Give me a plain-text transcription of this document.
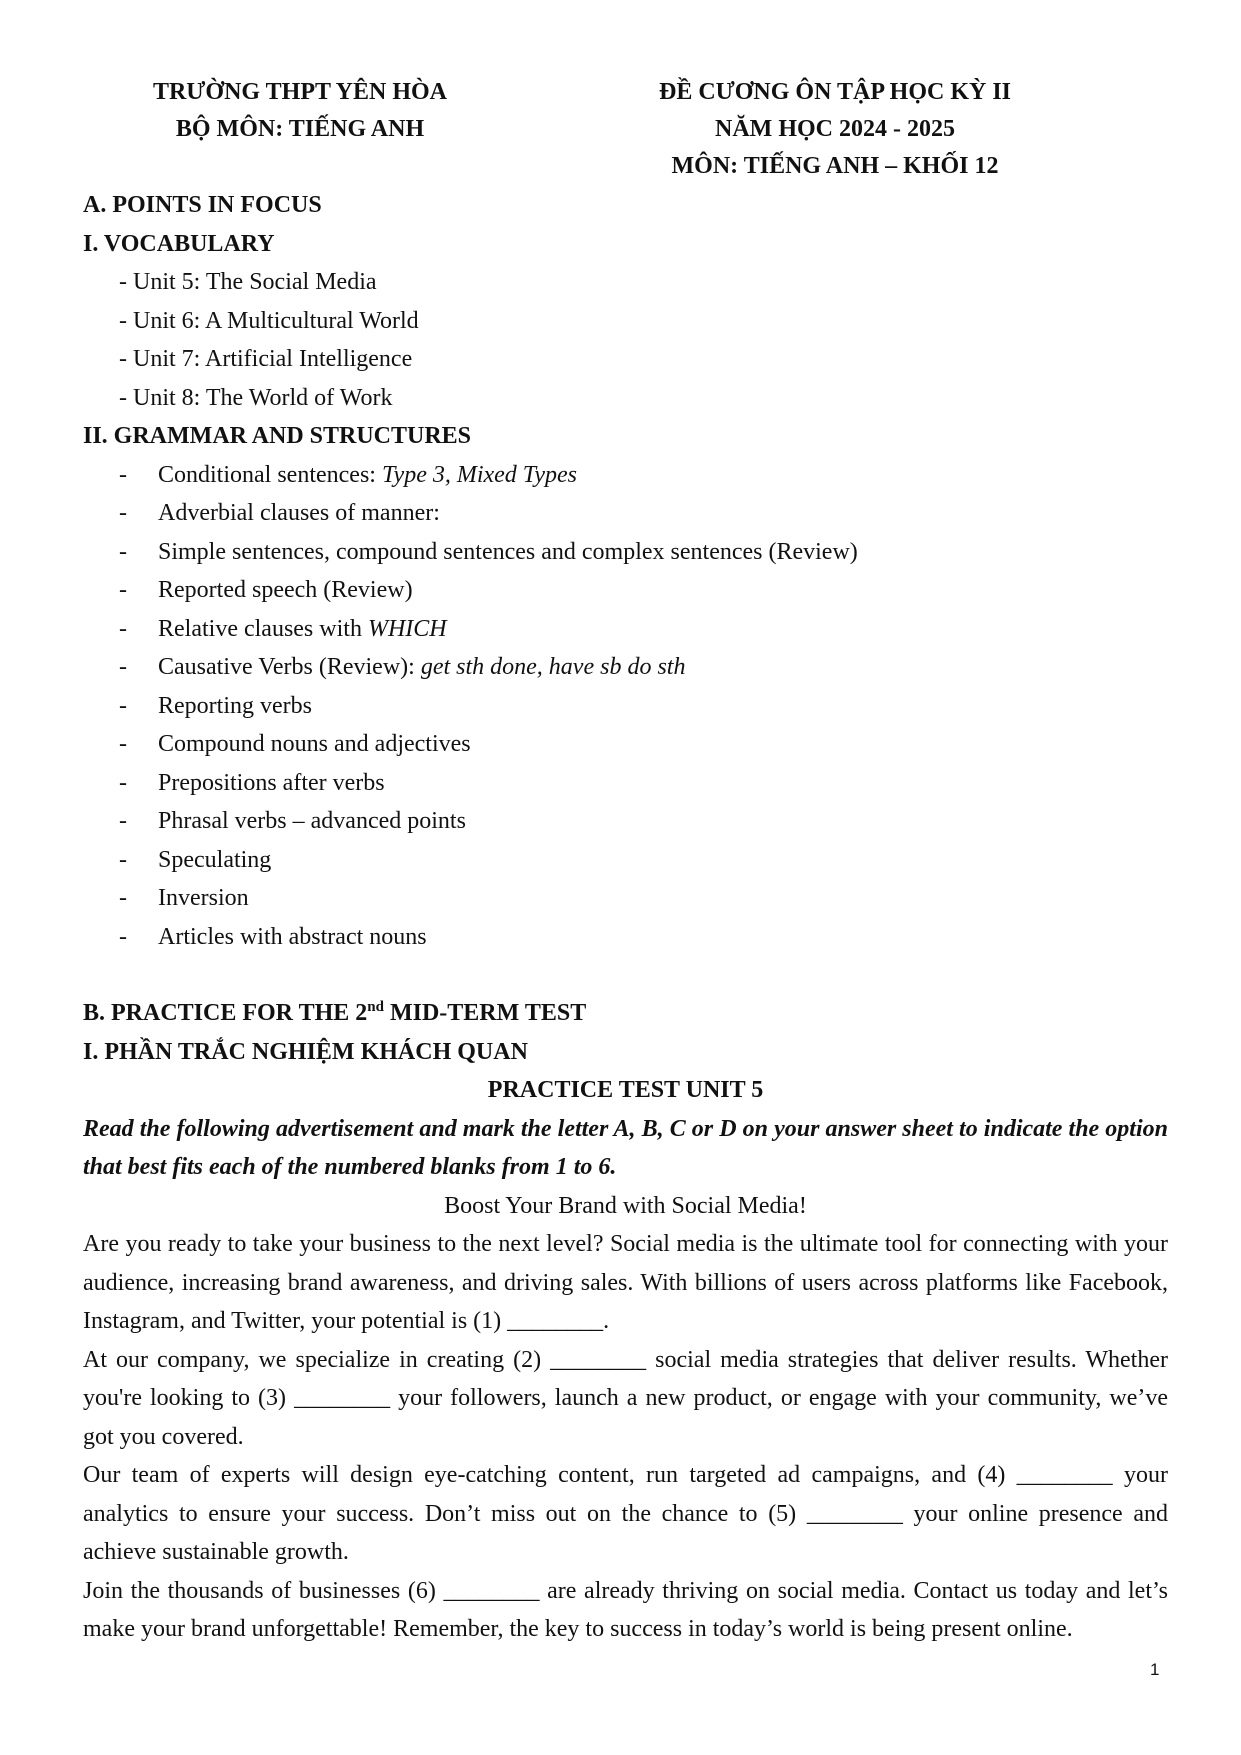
TRƯỜNG THPT YÊN HÒA
BỘ MÔN: TIẾNG ANH
ĐỀ CƯƠNG ÔN TẬP HỌC KỲ II
NĂM HỌC 2024 - 2025
MÔN: TIẾNG ANH – KHỐI 12

A. POINTS IN FOCUS

I. VOCABULARY

- Unit 5: The Social Media

- Unit 6: A Multicultural World

- Unit 7: Artificial Intelligence

- Unit 8: The World of Work

II. GRAMMAR AND STRUCTURES

- Conditional sentences: Type 3, Mixed Types
- Adverbial clauses of manner:
- Simple sentences, compound sentences and complex sentences (Review)
- Reported speech (Review)
- Relative clauses with WHICH
- Causative Verbs (Review): get sth done, have sb do sth
- Reporting verbs
- Compound nouns and adjectives
- Prepositions after verbs
- Phrasal verbs – advanced points
- Speculating
- Inversion
- Articles with abstract nouns

B. PRACTICE FOR THE 2nd MID-TERM TEST

I. PHẦN TRẮC NGHIỆM KHÁCH QUAN

PRACTICE TEST UNIT 5

Read the following advertisement and mark the letter A, B, C or D on your answer sheet to indicate the option that best fits each of the numbered blanks from 1 to 6.

Boost Your Brand with Social Media!

Are you ready to take your business to the next level? Social media is the ultimate tool for connecting with your audience, increasing brand awareness, and driving sales. With billions of users across platforms like Facebook, Instagram, and Twitter, your potential is (1) ________.

At our company, we specialize in creating (2) ________ social media strategies that deliver results. Whether you're looking to (3) ________ your followers, launch a new product, or engage with your community, we’ve got you covered.

Our team of experts will design eye-catching content, run targeted ad campaigns, and (4) ________ your analytics to ensure your success. Don’t miss out on the chance to (5) ________ your online presence and achieve sustainable growth.

Join the thousands of businesses (6) ________ are already thriving on social media. Contact us today and let’s make your brand unforgettable! Remember, the key to success in today’s world is being present online.

1
